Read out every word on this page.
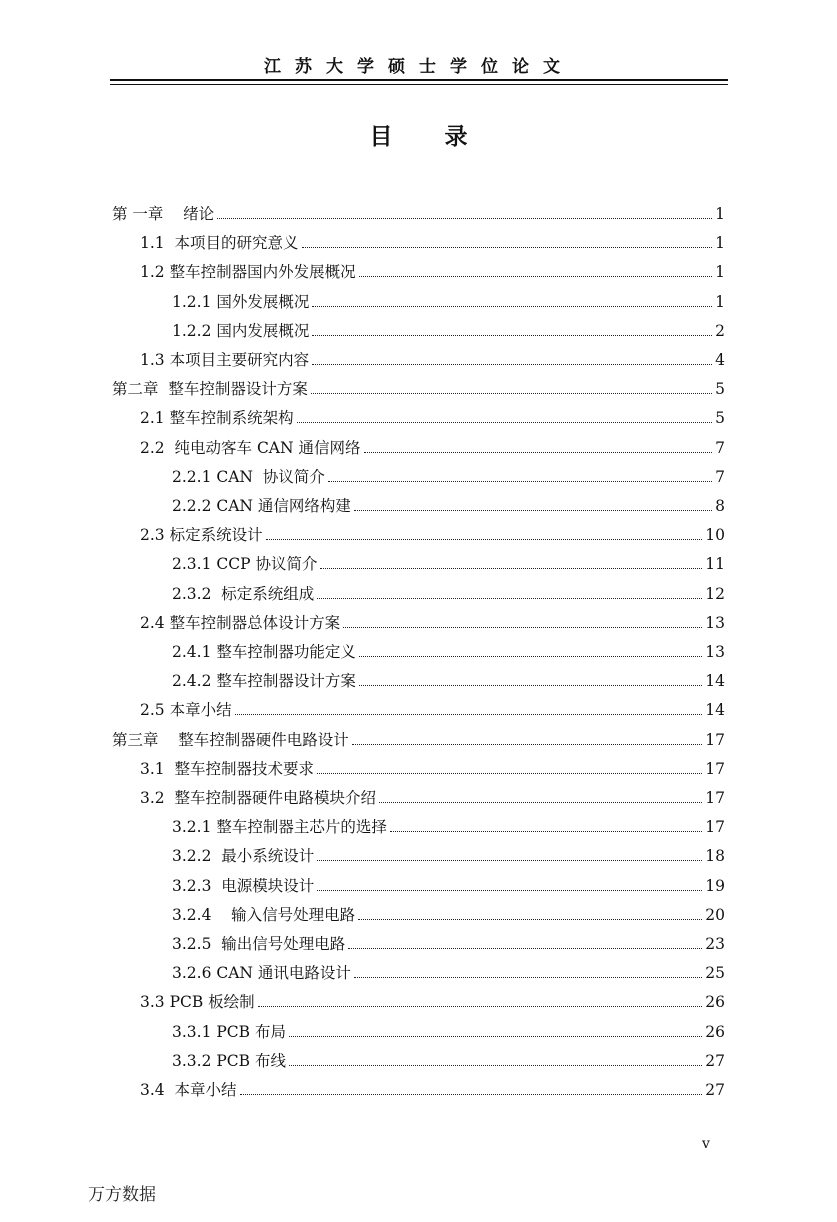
江苏大学硕士学位论文
目 录
第 一章 绪论	1
1.1 本项目的研究意义	1
1.2 整车控制器国内外发展概况	1
1.2.1 国外发展概况	1
1.2.2 国内发展概况	2
1.3 本项目主要研究内容	4
第二章 整车控制器设计方案	5
2.1 整车控制系统架构	5
2.2 纯电动客车 CAN 通信网络	7
2.2.1 CAN  协议简介	7
2.2.2 CAN 通信网络构建	8
2.3 标定系统设计	10
2.3.1 CCP 协议简介	11
2.3.2 标定系统组成	12
2.4 整车控制器总体设计方案	13
2.4.1 整车控制器功能定义	13
2.4.2 整车控制器设计方案	14
2.5 本章小结	14
第三章 整车控制器硬件电路设计	17
3.1 整车控制器技术要求	17
3.2 整车控制器硬件电路模块介绍	17
3.2.1 整车控制器主芯片的选择	17
3.2.2 最小系统设计	18
3.2.3 电源模块设计	19
3.2.4 输入信号处理电路	20
3.2.5 输出信号处理电路	23
3.2.6 CAN 通讯电路设计	25
3.3 PCB 板绘制	26
3.3.1 PCB 布局	26
3.3.2 PCB 布线	27
3.4 本章小结	27
v
万方数据
